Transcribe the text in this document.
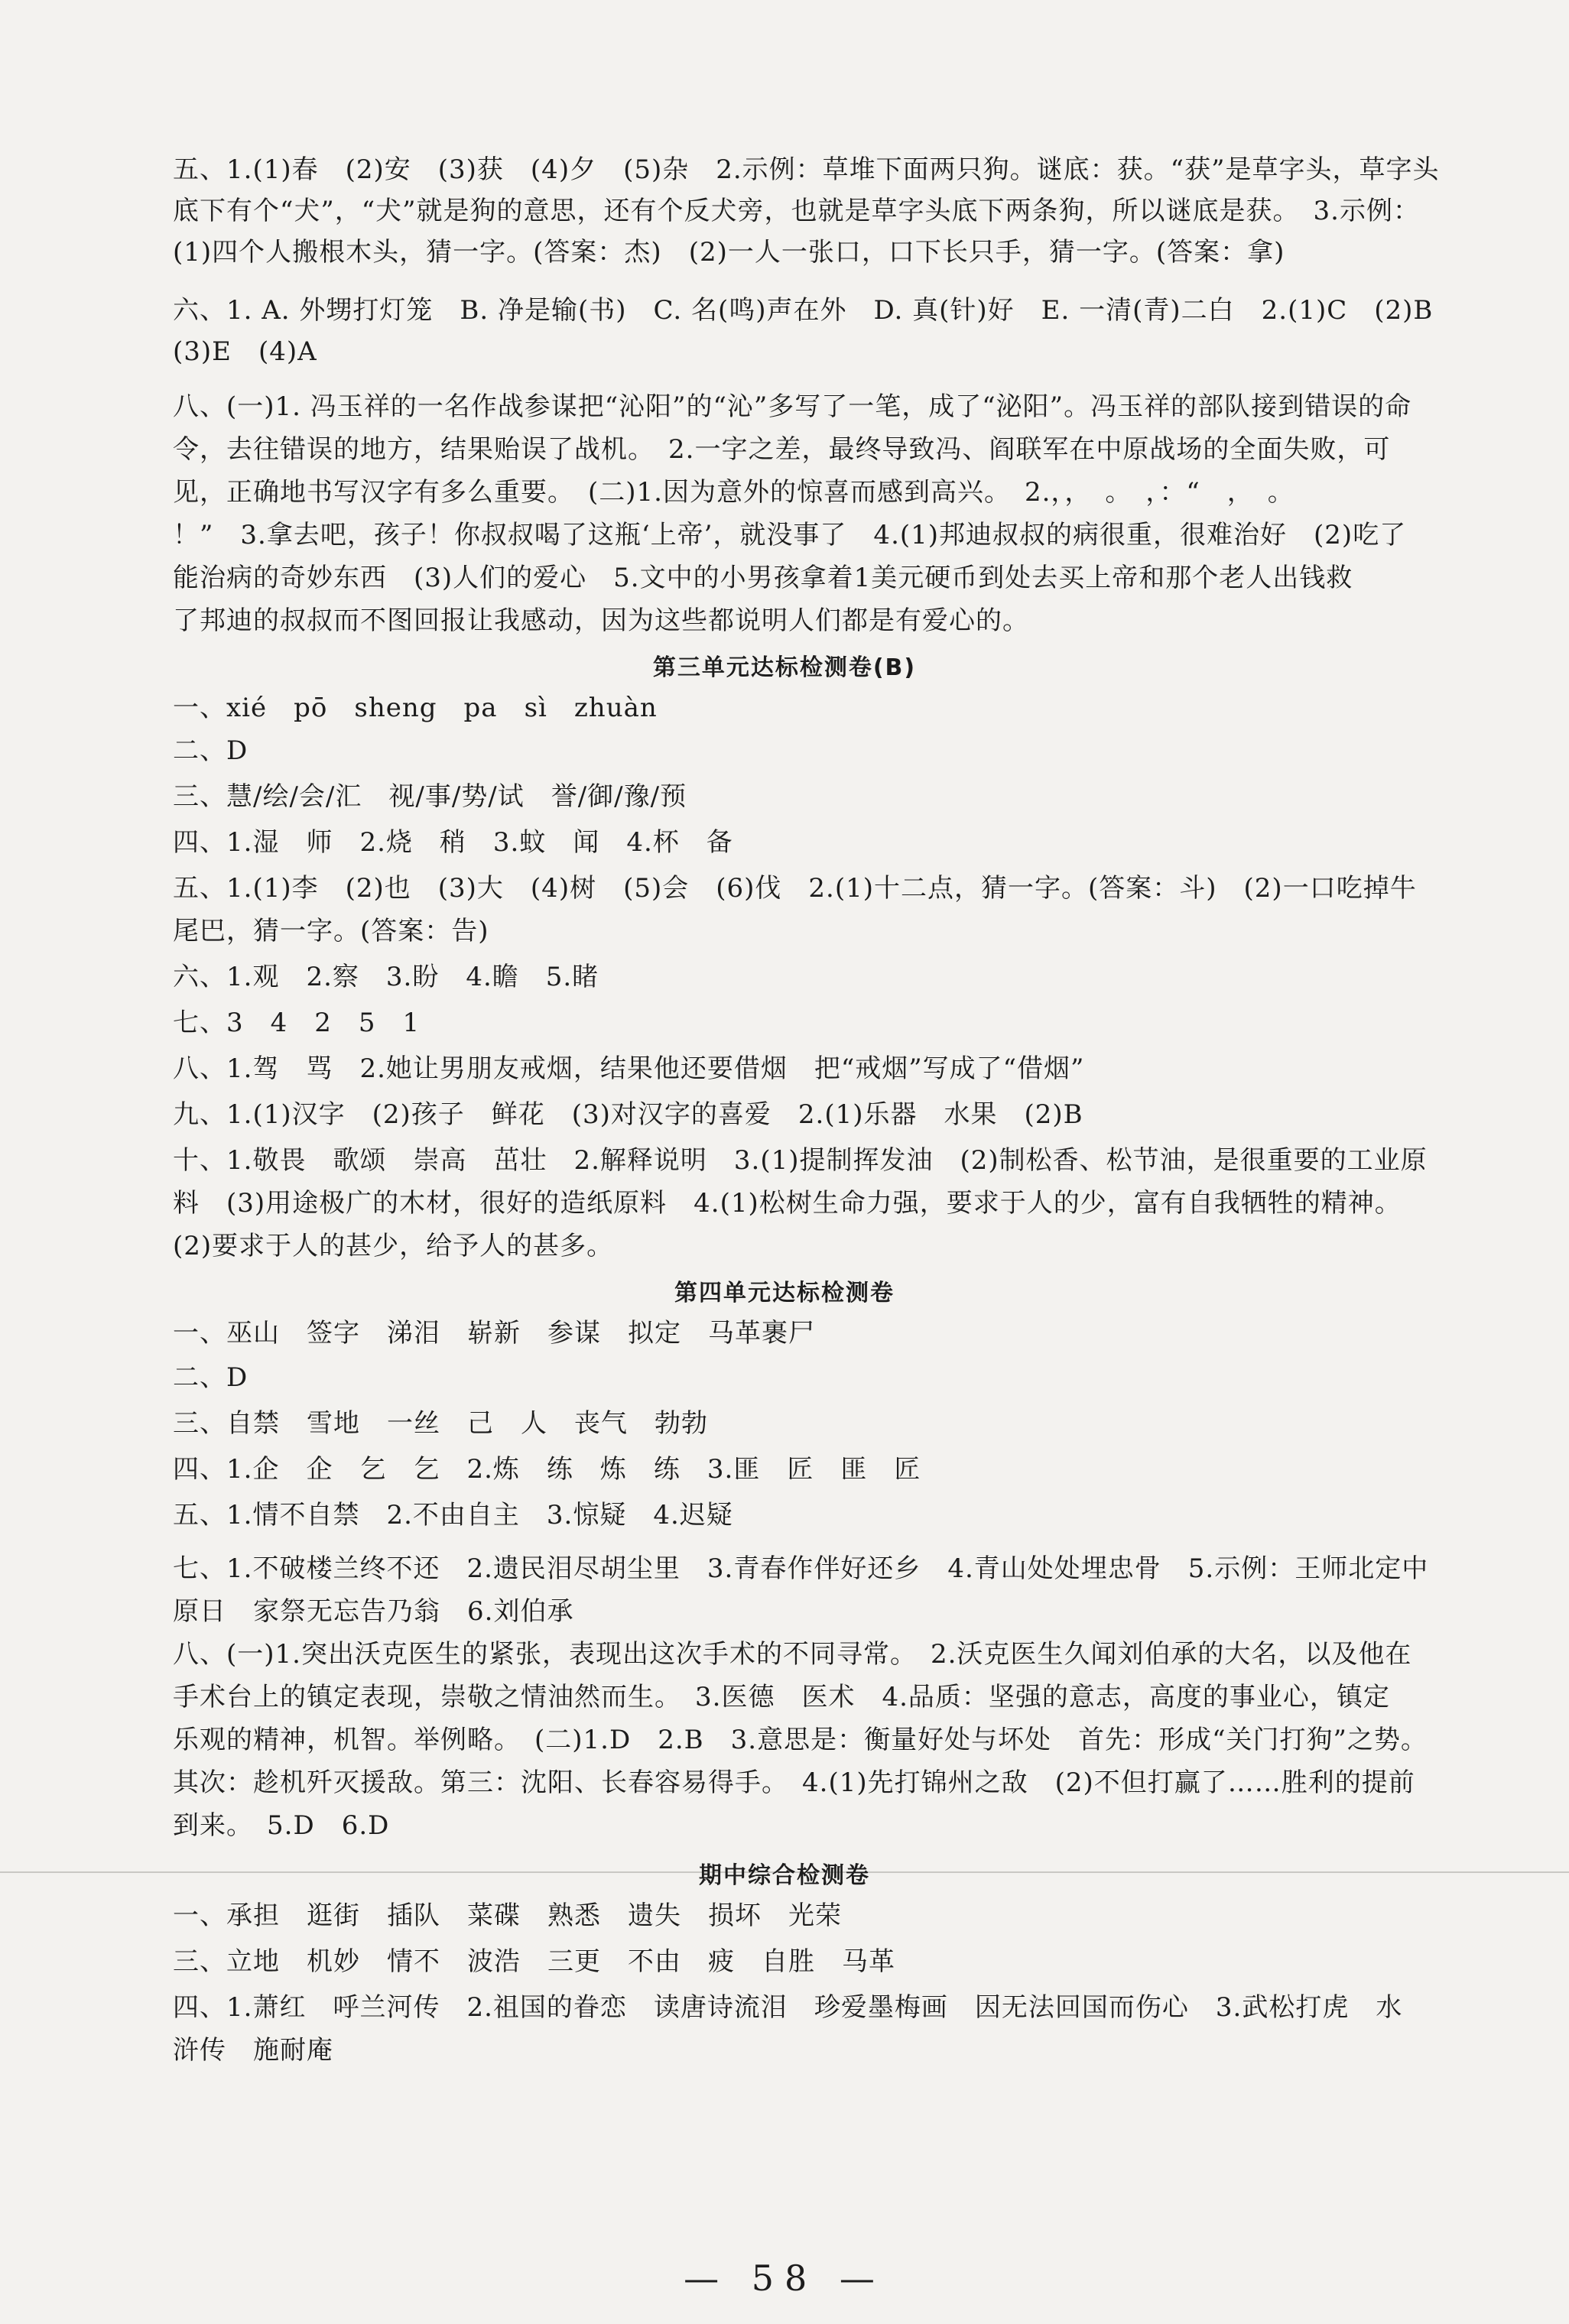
五、1.(1)春　(2)安　(3)获　(4)夕　(5)杂　2.示例：草堆下面两只狗。谜底：获。“获”是草字头，草字头
底下有个“犬”，“犬”就是狗的意思，还有个反犬旁，也就是草字头底下两条狗，所以谜底是获。　3.示例：
(1)四个人搬根木头，猜一字。(答案：杰)　(2)一人一张口，口下长只手，猜一字。(答案：拿)
六、1. A. 外甥打灯笼　B. 净是输(书)　C. 名(鸣)声在外　D. 真(针)好　E. 一清(青)二白　2.(1)C　(2)B
(3)E　(4)A
八、(一)1. 冯玉祥的一名作战参谋把“沁阳”的“沁”多写了一笔，成了“泌阳”。冯玉祥的部队接到错误的命
令，去往错误的地方，结果贻误了战机。　2.一字之差，最终导致冯、阎联军在中原战场的全面失败，可
见，正确地书写汉字有多么重要。　(二)1.因为意外的惊喜而感到高兴。　2.，，　。　，：“　，　。
！”　3.拿去吧，孩子！你叔叔喝了这瓶‘上帝’，就没事了　4.(1)邦迪叔叔的病很重，很难治好　(2)吃了
能治病的奇妙东西　(3)人们的爱心　5.文中的小男孩拿着1美元硬币到处去买上帝和那个老人出钱救
了邦迪的叔叔而不图回报让我感动，因为这些都说明人们都是有爱心的。
第三单元达标检测卷(B)
一、xié　pō　sheng　pa　sì　zhuàn
二、D
三、慧/绘/会/汇　视/事/势/试　誉/御/豫/预
四、1.湿　师　2.烧　稍　3.蚊　闻　4.杯　备
五、1.(1)李　(2)也　(3)大　(4)树　(5)会　(6)伐　2.(1)十二点，猜一字。(答案：斗)　(2)一口吃掉牛
尾巴，猜一字。(答案：告)
六、1.观　2.察　3.盼　4.瞻　5.睹
七、3　4　2　5　1
八、1.驾　骂　2.她让男朋友戒烟，结果他还要借烟　把“戒烟”写成了“借烟”
九、1.(1)汉字　(2)孩子　鲜花　(3)对汉字的喜爱　2.(1)乐器　水果　(2)B
十、1.敬畏　歌颂　崇高　茁壮　2.解释说明　3.(1)提制挥发油　(2)制松香、松节油，是很重要的工业原
料　(3)用途极广的木材，很好的造纸原料　4.(1)松树生命力强，要求于人的少，富有自我牺牲的精神。
(2)要求于人的甚少，给予人的甚多。
第四单元达标检测卷
一、巫山　签字　涕泪　崭新　参谋　拟定　马革裹尸
二、D
三、自禁　雪地　一丝　己　人　丧气　勃勃
四、1.企　企　乞　乞　2.炼　练　炼　练　3.匪　匠　匪　匠
五、1.情不自禁　2.不由自主　3.惊疑　4.迟疑
七、1.不破楼兰终不还　2.遗民泪尽胡尘里　3.青春作伴好还乡　4.青山处处埋忠骨　5.示例：王师北定中
原日　家祭无忘告乃翁　6.刘伯承
八、(一)1.突出沃克医生的紧张，表现出这次手术的不同寻常。　2.沃克医生久闻刘伯承的大名，以及他在
手术台上的镇定表现，崇敬之情油然而生。　3.医德　医术　4.品质：坚强的意志，高度的事业心，镇定
乐观的精神，机智。举例略。　(二)1.D　2.B　3.意思是：衡量好处与坏处　首先：形成“关门打狗”之势。
其次：趁机歼灭援敌。第三：沈阳、长春容易得手。　4.(1)先打锦州之敌　(2)不但打赢了……胜利的提前
到来。　5.D　6.D
期中综合检测卷
一、承担　逛街　插队　菜碟　熟悉　遗失　损坏　光荣
三、立地　机妙　情不　波浩　三更　不由　疲　自胜　马革
四、1.萧红　呼兰河传　2.祖国的眷恋　读唐诗流泪　珍爱墨梅画　因无法回国而伤心　3.武松打虎　水
浒传　施耐庵
— 58 —
